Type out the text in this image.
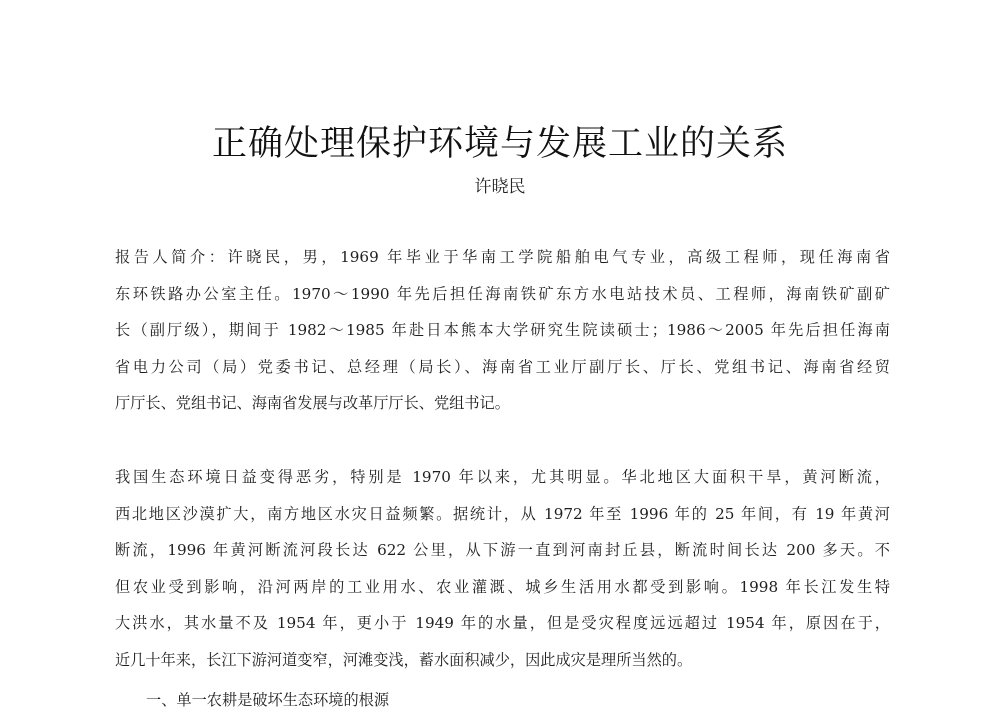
正确处理保护环境与发展工业的关系
许晓民
报告人简介：许晓民，男，1969 年毕业于华南工学院船舶电气专业，高级工程师，现任海南省
东环铁路办公室主任。1970～1990 年先后担任海南铁矿东方水电站技术员、工程师，海南铁矿副矿
长（副厅级），期间于 1982～1985 年赴日本熊本大学研究生院读硕士；1986～2005 年先后担任海南
省电力公司（局）党委书记、总经理（局长）、海南省工业厅副厅长、厅长、党组书记、海南省经贸
厅厅长、党组书记、海南省发展与改革厅厅长、党组书记。
我国生态环境日益变得恶劣，特别是 1970 年以来，尤其明显。华北地区大面积干旱，黄河断流，
西北地区沙漠扩大，南方地区水灾日益频繁。据统计，从 1972 年至 1996 年的 25 年间，有 19 年黄河
断流，1996 年黄河断流河段长达 622 公里，从下游一直到河南封丘县，断流时间长达 200 多天。不
但农业受到影响，沿河两岸的工业用水、农业灌溉、城乡生活用水都受到影响。1998 年长江发生特
大洪水，其水量不及 1954 年，更小于 1949 年的水量，但是受灾程度远远超过 1954 年，原因在于，
近几十年来，长江下游河道变窄，河滩变浅，蓄水面积减少，因此成灾是理所当然的。
一、单一农耕是破坏生态环境的根源
